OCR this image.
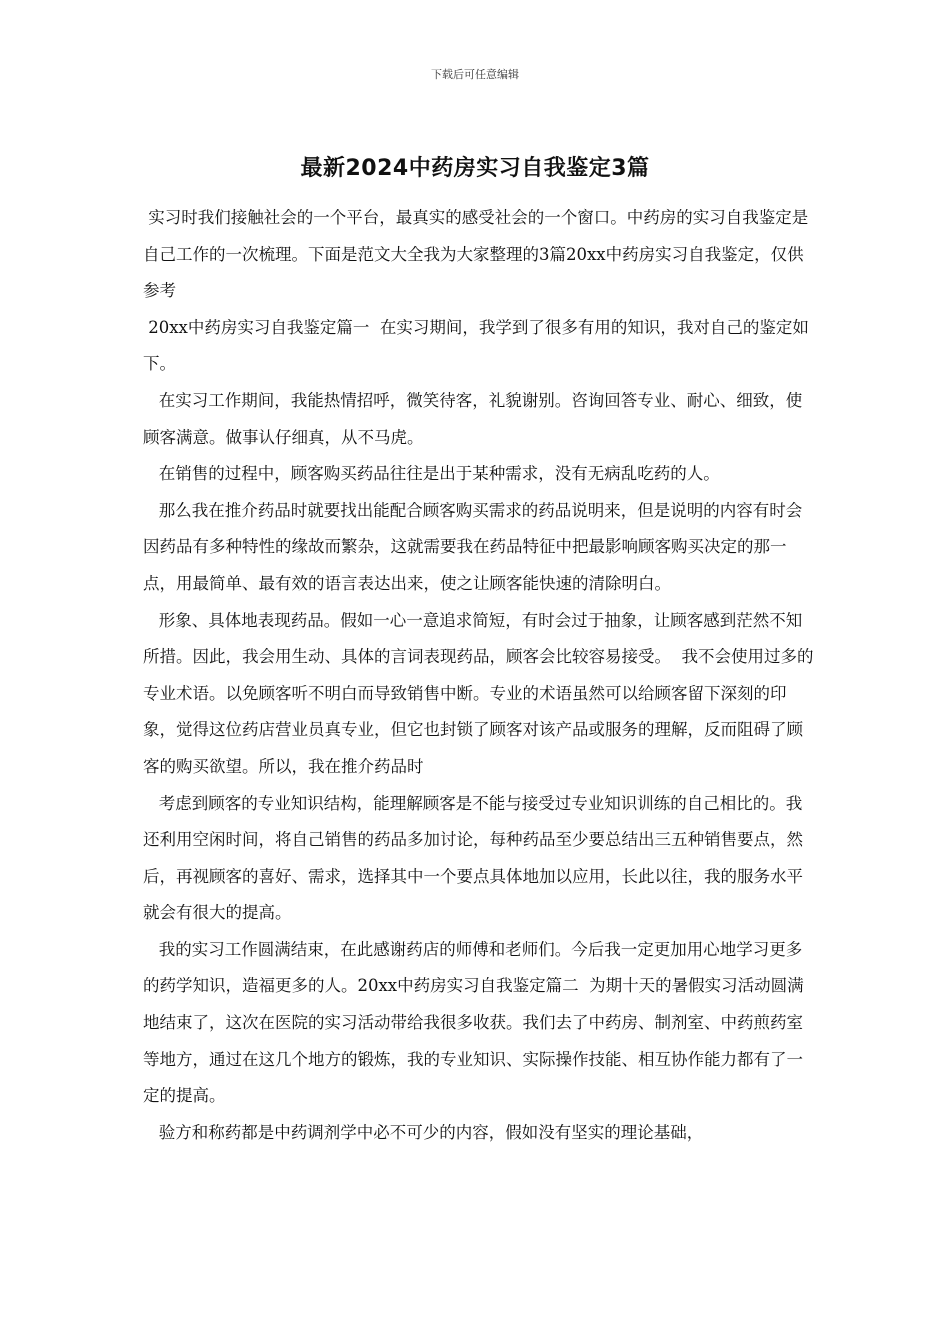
下载后可任意编辑
最新2024中药房实习自我鉴定3篇

实习时我们接触社会的一个平台，最真实的感受社会的一个窗口。中药房的实习自我鉴定是自己工作的一次梳理。下面是范文大全我为大家整理的3篇20xx中药房实习自我鉴定，仅供参考

20xx中药房实习自我鉴定篇一  在实习期间，我学到了很多有用的知识，我对自己的鉴定如下。

在实习工作期间，我能热情招呼，微笑待客，礼貌谢别。咨询回答专业、耐心、细致，使顾客满意。做事认仔细真，从不马虎。

在销售的过程中，顾客购买药品往往是出于某种需求，没有无病乱吃药的人。

那么我在推介药品时就要找出能配合顾客购买需求的药品说明来，但是说明的内容有时会因药品有多种特性的缘故而繁杂，这就需要我在药品特征中把最影响顾客购买决定的那一点，用最简单、最有效的语言表达出来，使之让顾客能快速的清除明白。

形象、具体地表现药品。假如一心一意追求简短，有时会过于抽象，让顾客感到茫然不知所措。因此，我会用生动、具体的言词表现药品，顾客会比较容易接受。  我不会使用过多的专业术语。以免顾客听不明白而导致销售中断。专业的术语虽然可以给顾客留下深刻的印象，觉得这位药店营业员真专业，但它也封锁了顾客对该产品或服务的理解，反而阻碍了顾客的购买欲望。所以，我在推介药品时

考虑到顾客的专业知识结构，能理解顾客是不能与接受过专业知识训练的自己相比的。我还利用空闲时间，将自己销售的药品多加讨论，每种药品至少要总结出三五种销售要点，然后，再视顾客的喜好、需求，选择其中一个要点具体地加以应用，长此以往，我的服务水平就会有很大的提高。

我的实习工作圆满结束，在此感谢药店的师傅和老师们。今后我一定更加用心地学习更多的药学知识，造福更多的人。20xx中药房实习自我鉴定篇二  为期十天的暑假实习活动圆满地结束了，这次在医院的实习活动带给我很多收获。我们去了中药房、制剂室、中药煎药室等地方，通过在这几个地方的锻炼，我的专业知识、实际操作技能、相互协作能力都有了一定的提高。

验方和称药都是中药调剂学中必不可少的内容，假如没有坚实的理论基础，
